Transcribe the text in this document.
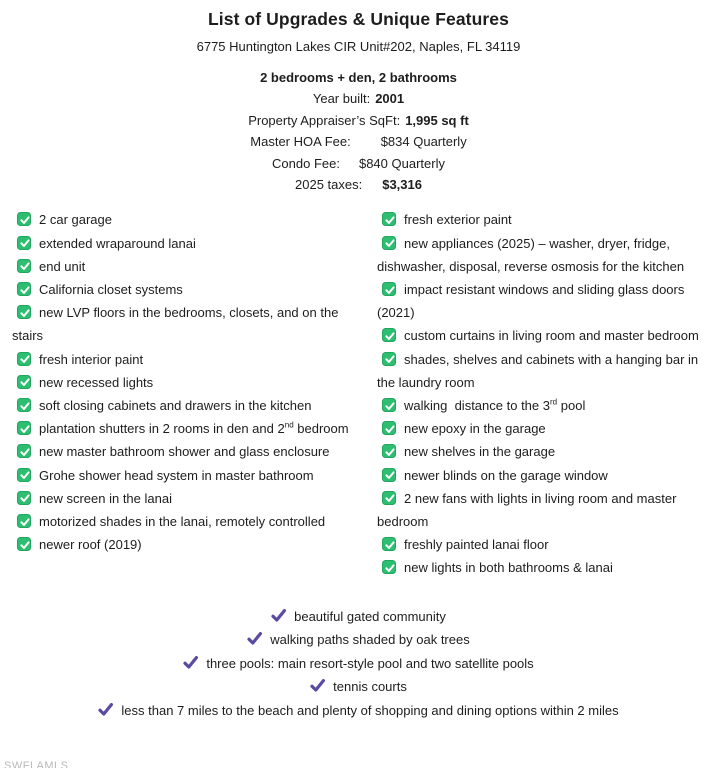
List of Upgrades & Unique Features
6775 Huntington Lakes CIR Unit#202, Naples, FL 34119
2 bedrooms + den, 2 bathrooms
Year built: 2001
Property Appraiser’s SqFt: 1,995 sq ft
Master HOA Fee: $834 Quarterly
Condo Fee: $840 Quarterly
2025 taxes: $3,316
2 car garage
extended wraparound lanai
end unit
California closet systems
new LVP floors in the bedrooms, closets, and on the stairs
fresh interior paint
new recessed lights
soft closing cabinets and drawers in the kitchen
plantation shutters in 2 rooms in den and 2nd bedroom
new master bathroom shower and glass enclosure
Grohe shower head system in master bathroom
new screen in the lanai
motorized shades in the lanai, remotely controlled
newer roof (2019)
fresh exterior paint
new appliances (2025) – washer, dryer, fridge, dishwasher, disposal, reverse osmosis for the kitchen
impact resistant windows and sliding glass doors (2021)
custom curtains in living room and master bedroom
shades, shelves and cabinets with a hanging bar in the laundry room
walking  distance to the 3rd pool
new epoxy in the garage
new shelves in the garage
newer blinds on the garage window
2 new fans with lights in living room and master bedroom
freshly painted lanai floor
new lights in both bathrooms & lanai
beautiful gated community
walking paths shaded by oak trees
three pools: main resort-style pool and two satellite pools
tennis courts
less than 7 miles to the beach and plenty of shopping and dining options within 2 miles
SWFLAMLS
